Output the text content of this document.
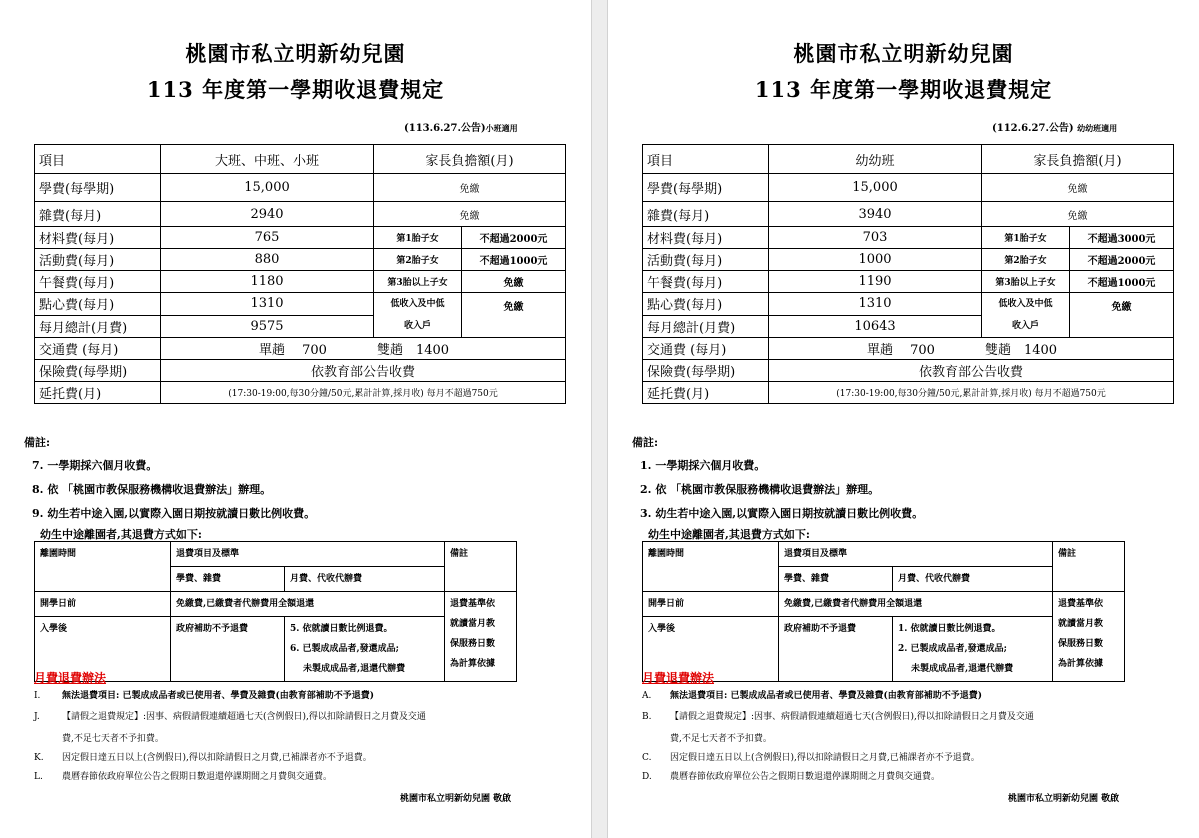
桃園市私立明新幼兒園
113 年度第一學期收退費規定
(113.6.27.公告)小班適用
項目	大班、中班、小班	家長負擔額(月)	
學費(每學期)	15,000	免繳	
雜費(每月)	2940	免繳	
材料費(每月)	765	第1胎子女	不超過2000元
活動費(每月)	880	第2胎子女	不超過1000元
午餐費(每月)	1180	第3胎以上子女	免繳
點心費(每月)	1310	低收入及中低
收入戶	免繳
每月總計(月費)	9575		
交通費 (每月)	單趟　 700 雙趟　1400		
保險費(每學期)	依教育部公告收費		
延托費(月)	(17:30-19:00,每30分鐘/50元,累計計算,採月收) 每月不超過750元		
備註:
7. 一學期採六個月收費。
8. 依 「桃園市教保服務機構收退費辦法」辦理。
9. 幼生若中途入園,以實際入園日期按就讀日數比例收費。
幼生中途離園者,其退費方式如下:
離園時間	退費項目及標準		備註
	學費、雜費	月費、代收代辦費	
開學日前	免繳費,已繳費者代辦費用全額退還		退費基準依
就讀當月教
保服務日數
為計算依據
入學後	政府補助不予退費	5. 依就讀日數比例退費。
6. 已製成成品者,發還成品;
未製成成品者,退還代辦費	
月費退費辦法
I. 無法退費項目: 已製成成品者或已使用者、學費及雜費(由教育部補助不予退費)
J. 【請假之退費規定】:因事、病假請假連續超過七天(含例假日),得以扣除請假日之月費及交通
費,不足七天者不予扣費。
K. 因定假日達五日以上(含例假日),得以扣除請假日之月費,已補課者亦不予退費。
L. 農曆春節依政府單位公告之假期日數退還停課期間之月費與交通費。
桃園市私立明新幼兒園 敬啟
桃園市私立明新幼兒園
113 年度第一學期收退費規定
(112.6.27.公告) 幼幼班適用
項目	幼幼班	家長負擔額(月)	
學費(每學期)	15,000	免繳	
雜費(每月)	3940	免繳	
材料費(每月)	703	第1胎子女	不超過3000元
活動費(每月)	1000	第2胎子女	不超過2000元
午餐費(每月)	1190	第3胎以上子女	不超過1000元
點心費(每月)	1310	低收入及中低
收入戶	免繳
每月總計(月費)	10643		
交通費 (每月)	單趟　 700 雙趟　1400		
保險費(每學期)	依教育部公告收費		
延托費(月)	(17:30-19:00,每30分鐘/50元,累計計算,採月收) 每月不超過750元		
備註:
1. 一學期採六個月收費。
2. 依 「桃園市教保服務機構收退費辦法」辦理。
3. 幼生若中途入園,以實際入園日期按就讀日數比例收費。
幼生中途離園者,其退費方式如下:
離園時間	退費項目及標準		備註
	學費、雜費	月費、代收代辦費	
開學日前	免繳費,已繳費者代辦費用全額退還		退費基準依
就讀當月教
保服務日數
為計算依據
入學後	政府補助不予退費	1. 依就讀日數比例退費。
2. 已製成成品者,發還成品;
未製成成品者,退還代辦費	
月費退費辦法
A. 無法退費項目: 已製成成品者或已使用者、學費及雜費(由教育部補助不予退費)
B. 【請假之退費規定】:因事、病假請假連續超過七天(含例假日),得以扣除請假日之月費及交通
費,不足七天者不予扣費。
C. 因定假日達五日以上(含例假日),得以扣除請假日之月費,已補課者亦不予退費。
D. 農曆春節依政府單位公告之假期日數退還停課期間之月費與交通費。
桃園市私立明新幼兒園 敬啟
